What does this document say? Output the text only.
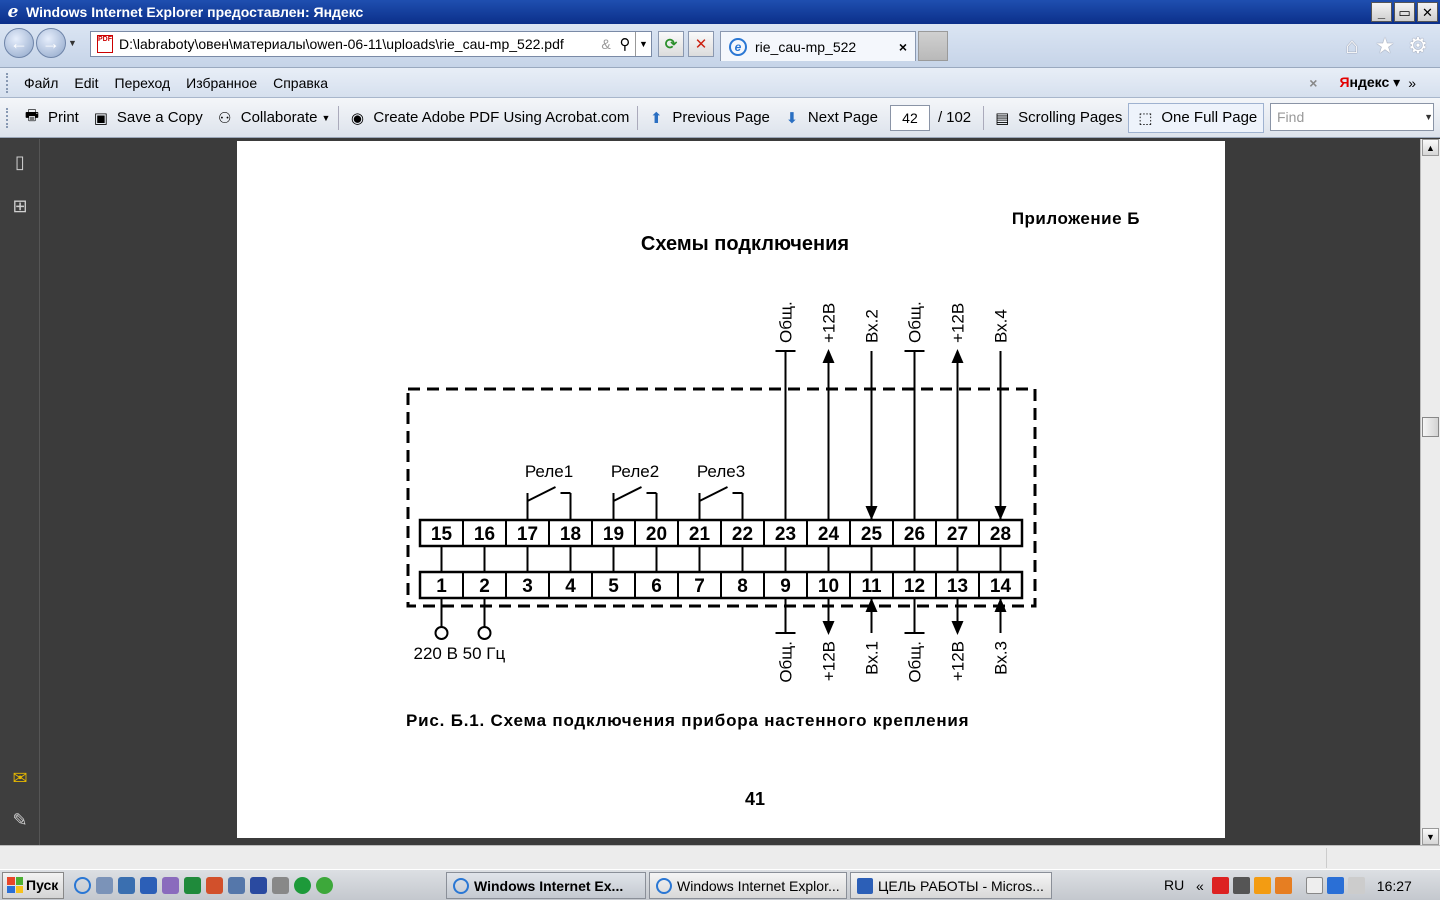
e Windows Internet Explorer предоставлен: Яндекс	_	▭ ✕
← → ▼	PDF D:\labraboty\овен\материалы\owen-06-11\uploads\rie_cau-mp_522.pdf	& ⚲ ▼	⟳	✕	e rie_cau-mp_522	×	⌂ ★ ⚙
Файл	Edit	Переход	Избранное	Справка	× Яндекс ▾ »
🖶 Print ▣ Save a Copy ⚇ Collaborate ▼ ◉ Create Adobe PDF Using Acrobat.com ⬆ Previous Page ⬇ Next Page	42	/ 102 ▤ Scrolling Pages ⬚ One Full Page	Find	▼
▯
⊞
✉
✎
Приложение Б
Схемы подключения
15 16 17 18 19 20 21 22 23 24 25 26 27 28
1 2 3 4 5 6 7 8 9 10 11 12 13 14
Реле1 Реле2 Реле3
Общ. +12В Вх.2 Общ. +12В Вх.4
Общ. +12В Вх.1 Общ. +12В Вх.3
220 В 50 Гц
Рис. Б.1. Схема подключения прибора настенного крепления
41
▲
▼
Пуск	Windows Internet Ex...	Windows Internet Explor...	ЦЕЛЬ РАБОТЫ - Micros...	RU «	16:27
